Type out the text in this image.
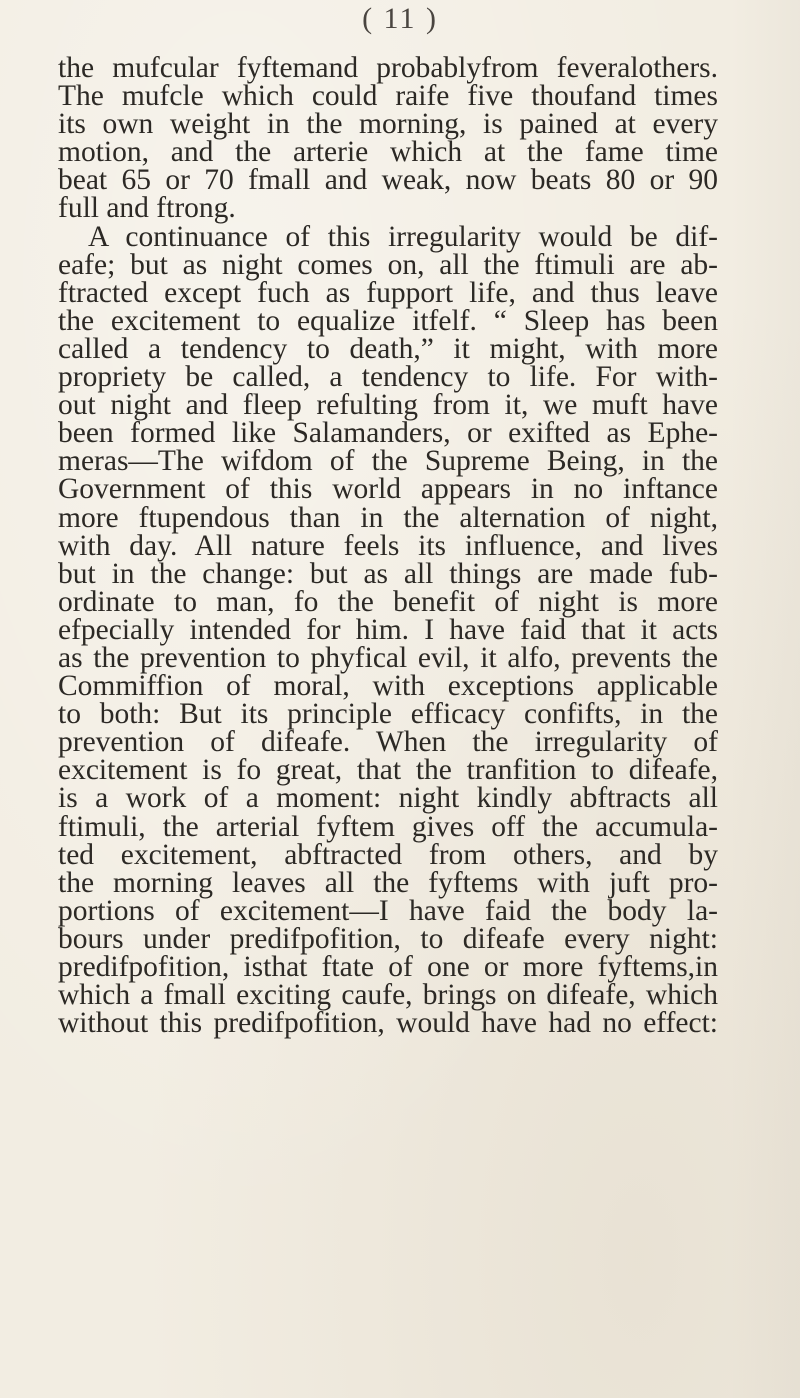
( 11 )
the mufcular fyftemand probablyfrom feveralothers.
The mufcle which could raife five thoufand times
its own weight in the morning, is pained at every
motion, and the arterie which at the fame time
beat 65 or 70 fmall and weak, now beats 80 or 90
full and ftrong.
A continuance of this irregularity would be dif-
eafe; but as night comes on, all the ftimuli are ab-
ftracted except fuch as fupport life, and thus leave
the excitement to equalize itfelf. “ Sleep has been
called a tendency to death,” it might, with more
propriety be called, a tendency to life. For with-
out night and fleep refulting from it, we muft have
been formed like Salamanders, or exifted as Ephe-
meras—The wifdom of the Supreme Being, in the
Government of this world appears in no inftance
more ftupendous than in the alternation of night,
with day. All nature feels its influence, and lives
but in the change: but as all things are made fub-
ordinate to man, fo the benefit of night is more
efpecially intended for him. I have faid that it acts
as the prevention to phyfical evil, it alfo, prevents the
Commiffion of moral, with exceptions applicable
to both: But its principle efficacy confifts, in the
prevention of difeafe. When the irregularity of
excitement is fo great, that the tranfition to difeafe,
is a work of a moment: night kindly abftracts all
ftimuli, the arterial fyftem gives off the accumula-
ted excitement, abftracted from others, and by
the morning leaves all the fyftems with juft pro-
portions of excitement—I have faid the body la-
bours under predifpofition, to difeafe every night:
predifpofition, isthat ftate of one or more fyftems,in
which a fmall exciting caufe, brings on difeafe, which
without this predifpofition, would have had no effect:
